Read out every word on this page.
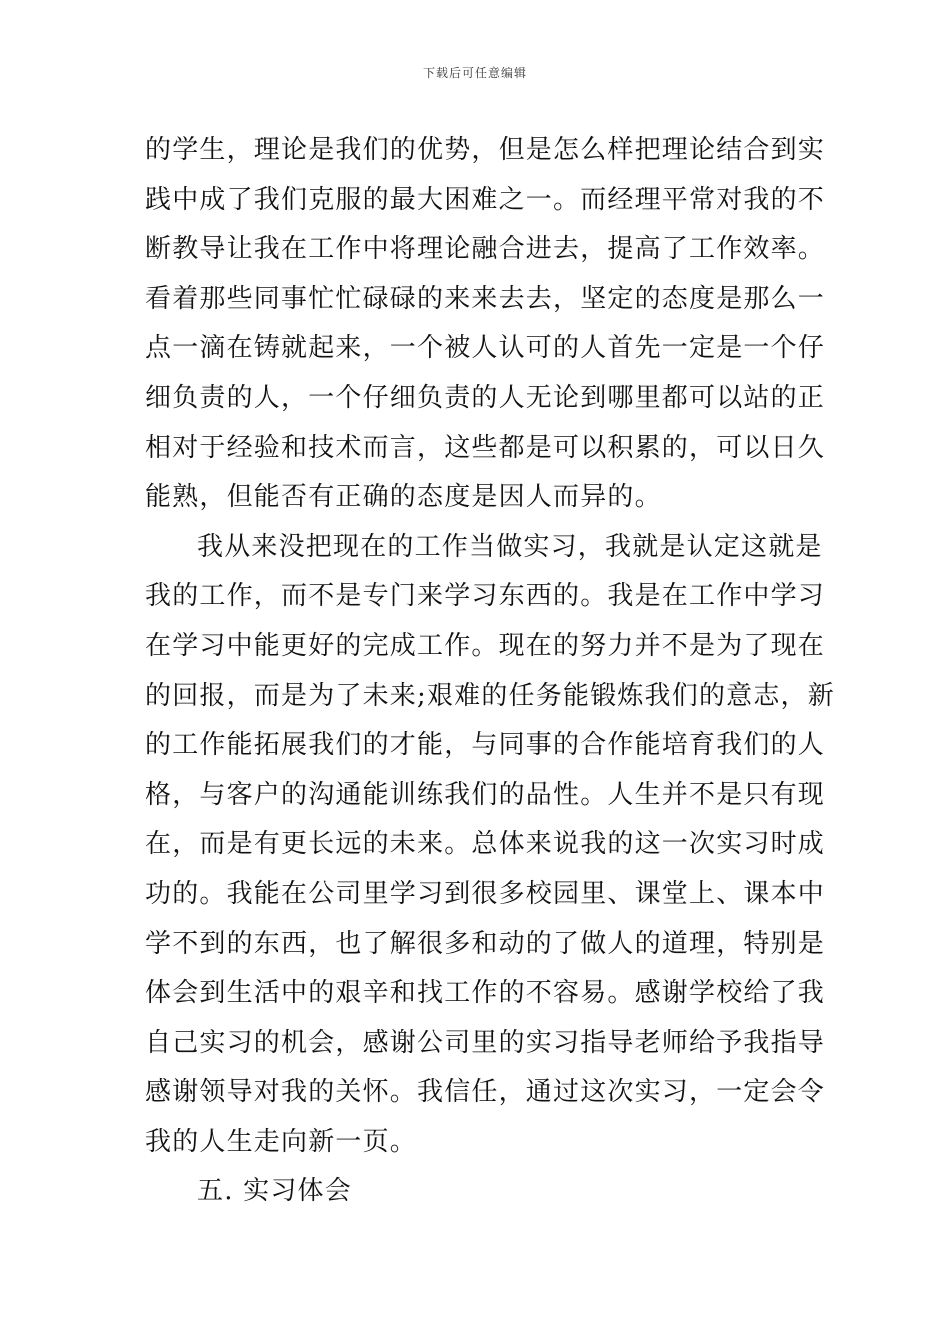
下载后可任意编辑
的学生，理论是我们的优势，但是怎么样把理论结合到实
践中成了我们克服的最大困难之一。而经理平常对我的不
断教导让我在工作中将理论融合进去，提高了工作效率。
看着那些同事忙忙碌碌的来来去去，坚定的态度是那么一
点一滴在铸就起来，一个被人认可的人首先一定是一个仔
细负责的人，一个仔细负责的人无论到哪里都可以站的正
相对于经验和技术而言，这些都是可以积累的，可以日久
能熟，但能否有正确的态度是因人而异的。
我从来没把现在的工作当做实习，我就是认定这就是
我的工作，而不是专门来学习东西的。我是在工作中学习
在学习中能更好的完成工作。现在的努力并不是为了现在
的回报，而是为了未来;艰难的任务能锻炼我们的意志，新
的工作能拓展我们的才能，与同事的合作能培育我们的人
格，与客户的沟通能训练我们的品性。人生并不是只有现
在，而是有更长远的未来。总体来说我的这一次实习时成
功的。我能在公司里学习到很多校园里、课堂上、课本中
学不到的东西，也了解很多和动的了做人的道理，特别是
体会到生活中的艰辛和找工作的不容易。感谢学校给了我
自己实习的机会，感谢公司里的实习指导老师给予我指导
感谢领导对我的关怀。我信任，通过这次实习，一定会令
我的人生走向新一页。
五. 实习体会
